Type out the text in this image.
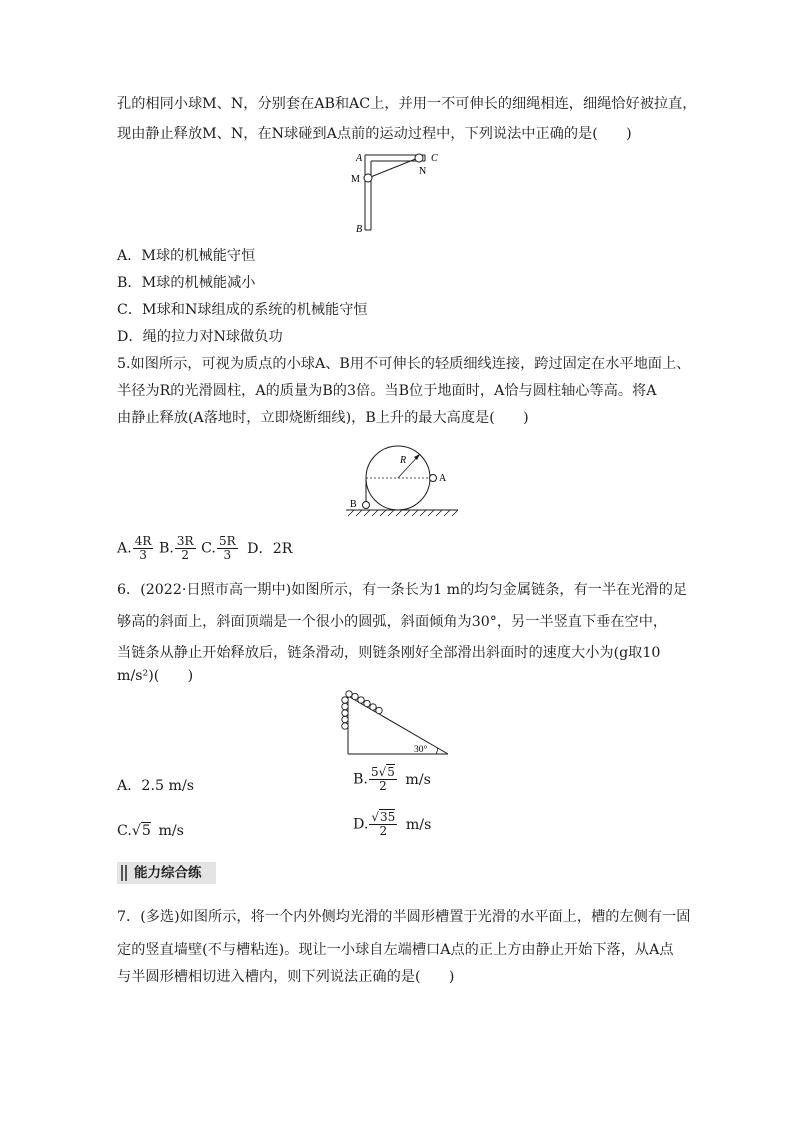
孔的相同小球M、N，分别套在AB和AC上，并用一不可伸长的细绳相连，细绳恰好被拉直，
现由静止释放M、N，在N球碰到A点前的运动过程中，下列说法中正确的是(　　)
A	C
M
N
B
A．M球的机械能守恒
B．M球的机械能减小
C．M球和N球组成的系统的机械能守恒
D．绳的拉力对N球做负功
5.如图所示，可视为质点的小球A、B用不可伸长的轻质细线连接，跨过固定在水平地面上、
半径为R的光滑圆柱，A的质量为B的3倍。当B位于地面时，A恰与圆柱轴心等高。将A
由静止释放(A落地时，立即烧断细线)，B上升的最大高度是(　　)
R
A
B
A. $\frac{4R}{3} B$. $\frac{3R}{2} C$. $\frac{5R}{3}$ D．2R
6．(2022·日照市高一期中)如图所示，有一条长为1 m的均匀金属链条，有一半在光滑的足
够高的斜面上，斜面顶端是一个很小的圆弧，斜面倾角为30°，另一半竖直下垂在空中，
当链条从静止开始释放后，链条滑动，则链条刚好全部滑出斜面时的速度大小为(g取10
m/s²)(　　)
30°
A．2.5 m/s	B. $\frac{5√5}{2} m/s$
C.√5 m/s	D. $\frac{√35}{2} m/s$
能力综合练
7．(多选)如图所示，将一个内外侧均光滑的半圆形槽置于光滑的水平面上，槽的左侧有一固
定的竖直墙壁(不与槽粘连)。现让一小球自左端槽口A点的正上方由静止开始下落，从A点
与半圆形槽相切进入槽内，则下列说法正确的是(　　)
